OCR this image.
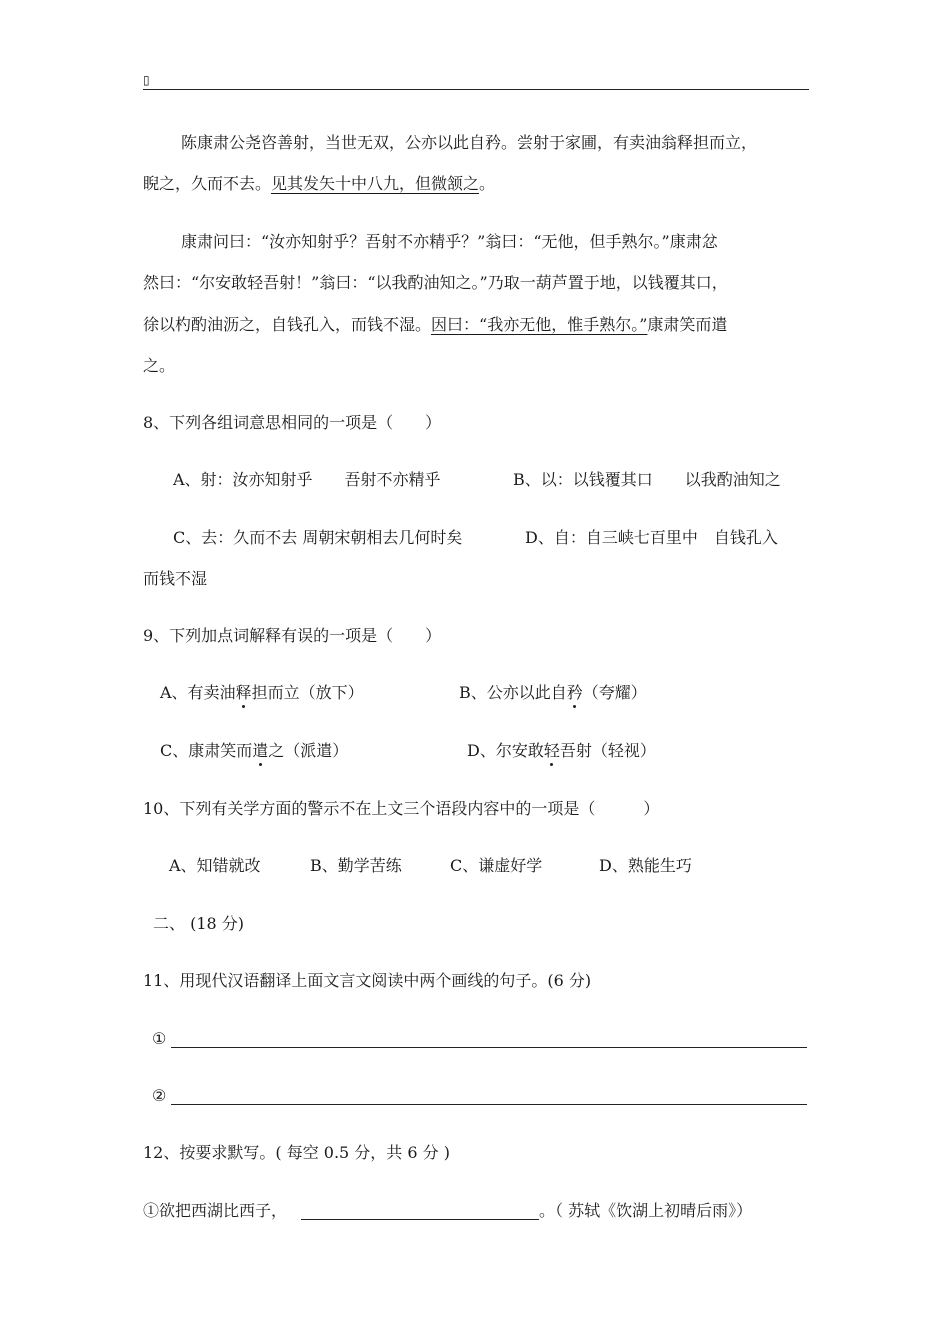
▯
陈康肃公尧咨善射，当世无双，公亦以此自矜。尝射于家圃，有卖油翁释担而立，
睨之，久而不去。见其发矢十中八九，但微颔之。
康肃问曰：“汝亦知射乎？吾射不亦精乎？”翁曰：“无他，但手熟尔。”康肃忿
然曰：“尔安敢轻吾射！”翁曰：“以我酌油知之。”乃取一葫芦置于地，以钱覆其口，
徐以杓酌油沥之，自钱孔入，而钱不湿。因曰：“我亦无他，惟手熟尔。”康肃笑而遣
之。
8、下列各组词意思相同的一项是（　　）
A、射：汝亦知射乎　　吾射不亦精乎	B、以：以钱覆其口　　以我酌油知之
C、去：久而不去 周朝宋朝相去几何时矣	D、自：自三峡七百里中　自钱孔入
而钱不湿
9、下列加点词解释有误的一项是（　　）
A、有卖油释担而立（放下）	B、公亦以此自矜（夸耀）
C、康肃笑而遣之（派遣）	D、尔安敢轻吾射（轻视）
10、下列有关学方面的警示不在上文三个语段内容中的一项是（　　　）
A、知错就改	B、勤学苦练	C、谦虚好学	D、熟能生巧
二、 (18 分)
11、用现代汉语翻译上面文言文阅读中两个画线的句子。(6 分)
①
②
12、按要求默写。( 每空 0.5 分，共 6 分 )
①欲把西湖比西子，	。（ 苏轼《饮湖上初晴后雨》）
